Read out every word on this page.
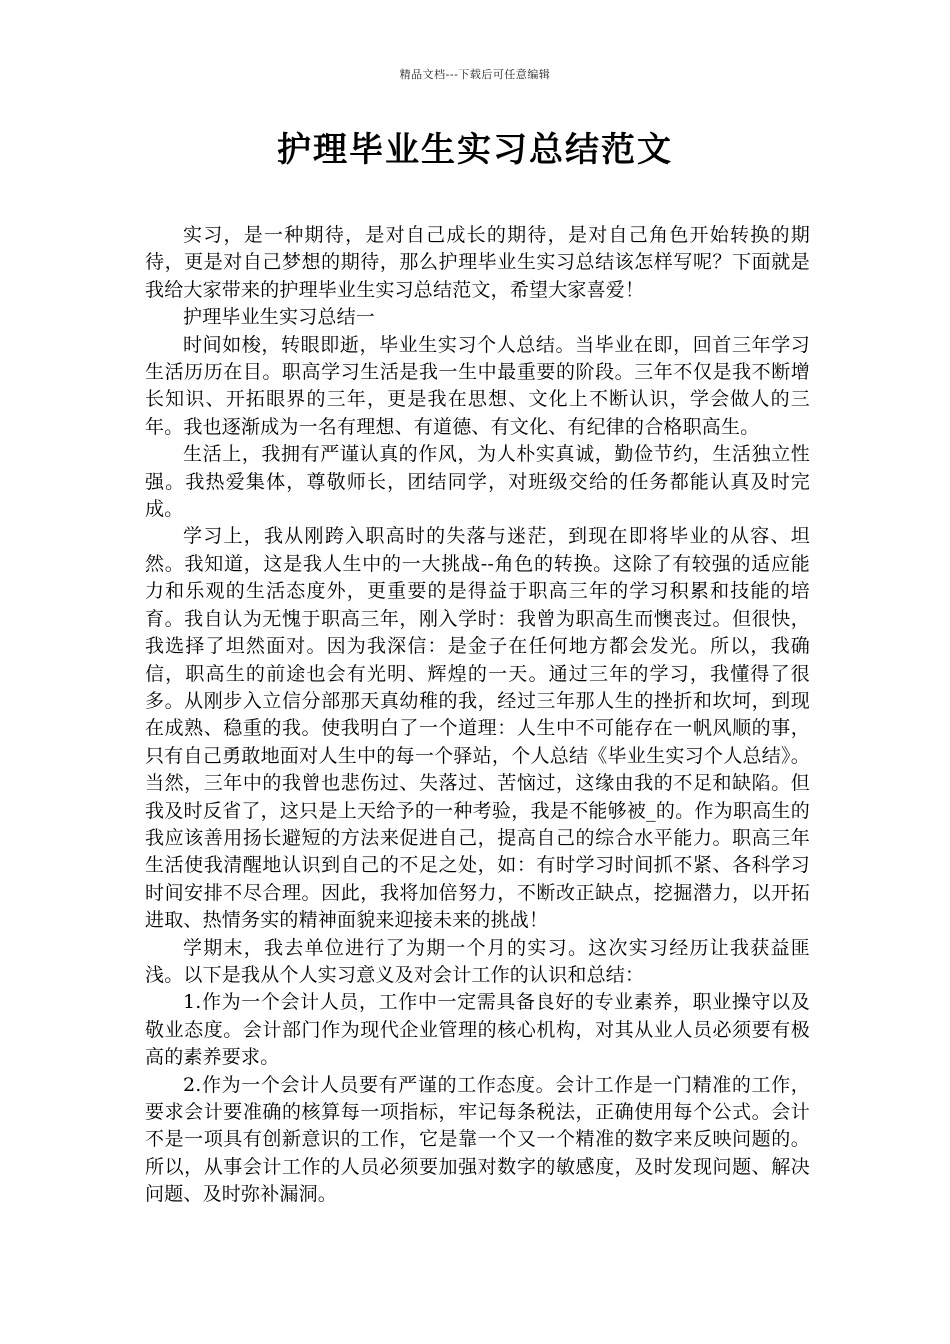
精品文档---下载后可任意编辑
护理毕业生实习总结范文

实习，是一种期待，是对自己成长的期待，是对自己角色开始转换的期待，更是对自己梦想的期待，那么护理毕业生实习总结该怎样写呢？下面就是我给大家带来的护理毕业生实习总结范文，希望大家喜爱！

护理毕业生实习总结一

时间如梭，转眼即逝，毕业生实习个人总结。当毕业在即，回首三年学习生活历历在目。职高学习生活是我一生中最重要的阶段。三年不仅是我不断增长知识、开拓眼界的三年，更是我在思想、文化上不断认识，学会做人的三年。我也逐渐成为一名有理想、有道德、有文化、有纪律的合格职高生。

生活上，我拥有严谨认真的作风，为人朴实真诚，勤俭节约，生活独立性强。我热爱集体，尊敬师长，团结同学，对班级交给的任务都能认真及时完成。

学习上，我从刚跨入职高时的失落与迷茫，到现在即将毕业的从容、坦然。我知道，这是我人生中的一大挑战--角色的转换。这除了有较强的适应能力和乐观的生活态度外，更重要的是得益于职高三年的学习积累和技能的培育。我自认为无愧于职高三年，刚入学时：我曾为职高生而懊丧过。但很快，我选择了坦然面对。因为我深信：是金子在任何地方都会发光。所以，我确信，职高生的前途也会有光明、辉煌的一天。通过三年的学习，我懂得了很多。从刚步入立信分部那天真幼稚的我，经过三年那人生的挫折和坎坷，到现在成熟、稳重的我。使我明白了一个道理：人生中不可能存在一帆风顺的事，只有自己勇敢地面对人生中的每一个驿站，个人总结《毕业生实习个人总结》。当然，三年中的我曾也悲伤过、失落过、苦恼过，这缘由我的不足和缺陷。但我及时反省了，这只是上天给予的一种考验，我是不能够被_的。作为职高生的我应该善用扬长避短的方法来促进自己，提高自己的综合水平能力。职高三年生活使我清醒地认识到自己的不足之处，如：有时学习时间抓不紧、各科学习时间安排不尽合理。因此，我将加倍努力，不断改正缺点，挖掘潜力，以开拓进取、热情务实的精神面貌来迎接未来的挑战！

学期末，我去单位进行了为期一个月的实习。这次实习经历让我获益匪浅。以下是我从个人实习意义及对会计工作的认识和总结：

1.作为一个会计人员，工作中一定需具备良好的专业素养，职业操守以及敬业态度。会计部门作为现代企业管理的核心机构，对其从业人员必须要有极高的素养要求。

2.作为一个会计人员要有严谨的工作态度。会计工作是一门精准的工作，要求会计要准确的核算每一项指标，牢记每条税法，正确使用每个公式。会计不是一项具有创新意识的工作，它是靠一个又一个精准的数字来反映问题的。所以，从事会计工作的人员必须要加强对数字的敏感度，及时发现问题、解决问题、及时弥补漏洞。
